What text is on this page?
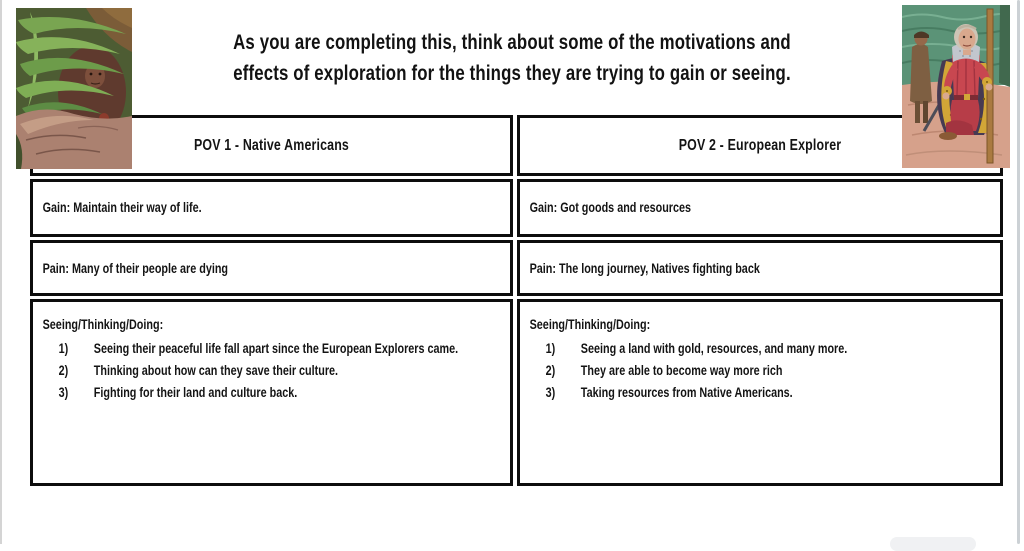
As you are completing this, think about some of the motivations and
effects of exploration for the things they are trying to gain or seeing.
POV 1 - Native Americans	POV 2 - European Explorer
Gain: Maintain their way of life.	Gain: Got goods and resources
Pain: Many of their people are dying	Pain: The long journey, Natives fighting back
Seeing/Thinking/Doing:
1)	Seeing their peaceful life fall apart since the European Explorers came.
2)	Thinking about how can they save their culture.
3)	Fighting for their land and culture back.
Seeing/Thinking/Doing:
1)	Seeing a land with gold, resources, and many more.
2)	They are able to become way more rich
3)	Taking resources from Native Americans.
